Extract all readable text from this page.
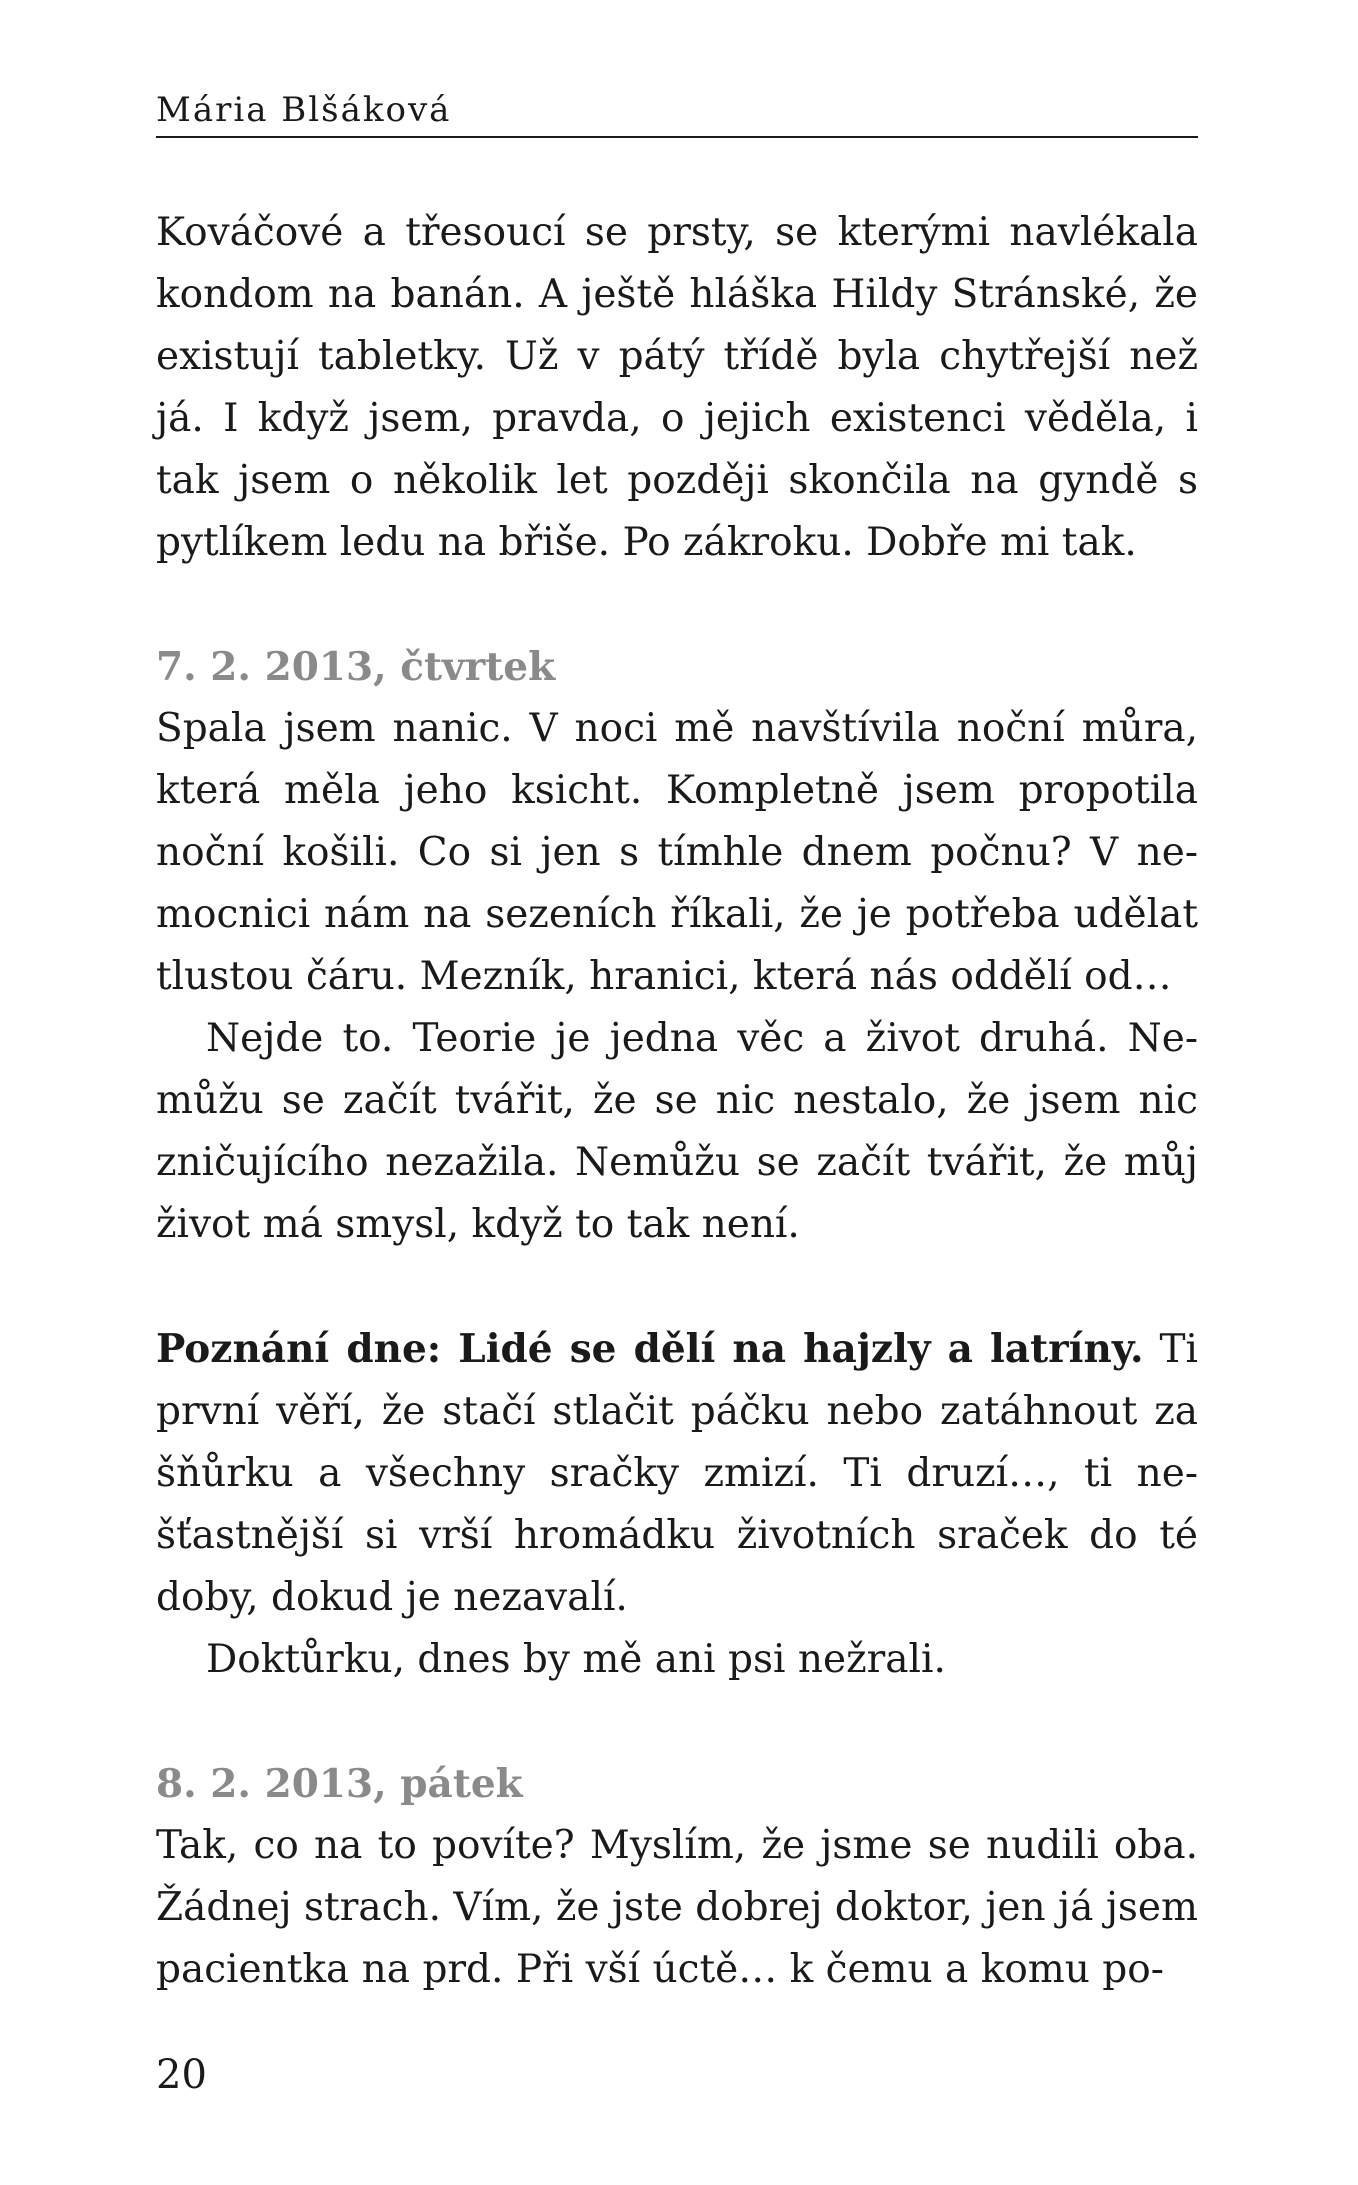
Mária Blšáková

Kováčové a třesoucí se prsty, se kterými navlékala kondom na banán. A ještě hláška Hildy Stránské, že existují tabletky. Už v pátý třídě byla chytřejší než já. I když jsem, pravda, o jejich existenci věděla, i tak jsem o několik let později skončila na gyndě s pytlíkem ledu na břiše. Po zákroku. Dobře mi tak.

7. 2. 2013, čtvrtek

Spala jsem nanic. V noci mě navštívila noční můra, která měla jeho ksicht. Kompletně jsem propotila noční košili. Co si jen s tímhle dnem počnu? V nemocnici nám na sezeních říkali, že je potřeba udělat tlustou čáru. Mezník, hranici, která nás oddělí od…

Nejde to. Teorie je jedna věc a život druhá. Nemůžu se začít tvářit, že se nic nestalo, že jsem nic zničujícího nezažila. Nemůžu se začít tvářit, že můj život má smysl, když to tak není.

Poznání dne: Lidé se dělí na hajzly a latríny. Ti první věří, že stačí stlačit páčku nebo zatáhnout za šňůrku a všechny sračky zmizí. Ti druzí…, ti nešťastnější si vrší hromádku životních sraček do té doby, dokud je nezavalí.

Doktůrku, dnes by mě ani psi nežrali.

8. 2. 2013, pátek

Tak, co na to povíte? Myslím, že jsme se nudili oba. Žádnej strach. Vím, že jste dobrej doktor, jen já jsem pacientka na prd. Při vší úctě… k čemu a komu po-

20
